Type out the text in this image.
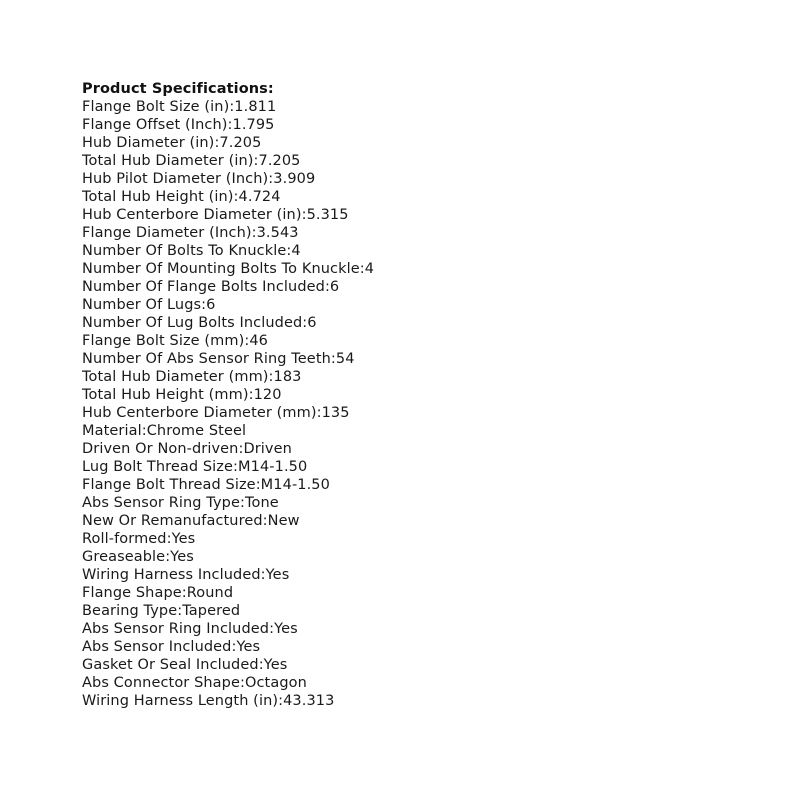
Product Specifications:
Flange Bolt Size (in):1.811
Flange Offset (Inch):1.795
Hub Diameter (in):7.205
Total Hub Diameter (in):7.205
Hub Pilot Diameter (Inch):3.909
Total Hub Height (in):4.724
Hub Centerbore Diameter (in):5.315
Flange Diameter (Inch):3.543
Number Of Bolts To Knuckle:4
Number Of Mounting Bolts To Knuckle:4
Number Of Flange Bolts Included:6
Number Of Lugs:6
Number Of Lug Bolts Included:6
Flange Bolt Size (mm):46
Number Of Abs Sensor Ring Teeth:54
Total Hub Diameter (mm):183
Total Hub Height (mm):120
Hub Centerbore Diameter (mm):135
Material:Chrome Steel
Driven Or Non-driven:Driven
Lug Bolt Thread Size:M14-1.50
Flange Bolt Thread Size:M14-1.50
Abs Sensor Ring Type:Tone
New Or Remanufactured:New
Roll-formed:Yes
Greaseable:Yes
Wiring Harness Included:Yes
Flange Shape:Round
Bearing Type:Tapered
Abs Sensor Ring Included:Yes
Abs Sensor Included:Yes
Gasket Or Seal Included:Yes
Abs Connector Shape:Octagon
Wiring Harness Length (in):43.313
